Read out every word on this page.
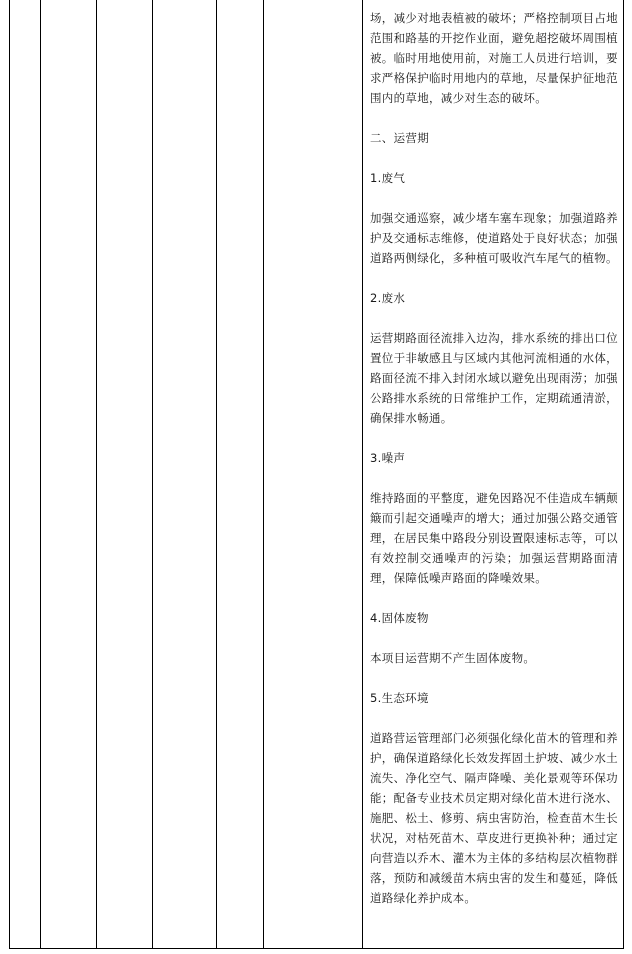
场，减少对地表植被的破坏；严格控制项目占地范围和路基的开挖作业面，避免超挖破坏周围植被。临时用地使用前，对施工人员进行培训，要求严格保护临时用地内的草地，尽量保护征地范围内的草地，减少对生态的破坏。

二、运营期

1.废气

加强交通巡察，减少堵车塞车现象；加强道路养护及交通标志维修，使道路处于良好状态；加强道路两侧绿化，多种植可吸收汽车尾气的植物。

2.废水

运营期路面径流排入边沟，排水系统的排出口位置位于非敏感且与区域内其他河流相通的水体，路面径流不排入封闭水域以避免出现雨涝；加强公路排水系统的日常维护工作，定期疏通清淤，确保排水畅通。

3.噪声

维持路面的平整度，避免因路况不佳造成车辆颠簸而引起交通噪声的增大；通过加强公路交通管理，在居民集中路段分别设置限速标志等，可以有效控制交通噪声的污染；加强运营期路面清理，保障低噪声路面的降噪效果。

4.固体废物

本项目运营期不产生固体废物。

5.生态环境

道路营运管理部门必须强化绿化苗木的管理和养护，确保道路绿化长效发挥固土护坡、减少水土流失、净化空气、隔声降噪、美化景观等环保功能；配备专业技术员定期对绿化苗木进行浇水、施肥、松土、修剪、病虫害防治，检查苗木生长状况，对枯死苗木、草皮进行更换补种；通过定向营造以乔木、灌木为主体的多结构层次植物群落，预防和减缓苗木病虫害的发生和蔓延，降低道路绿化养护成本。
